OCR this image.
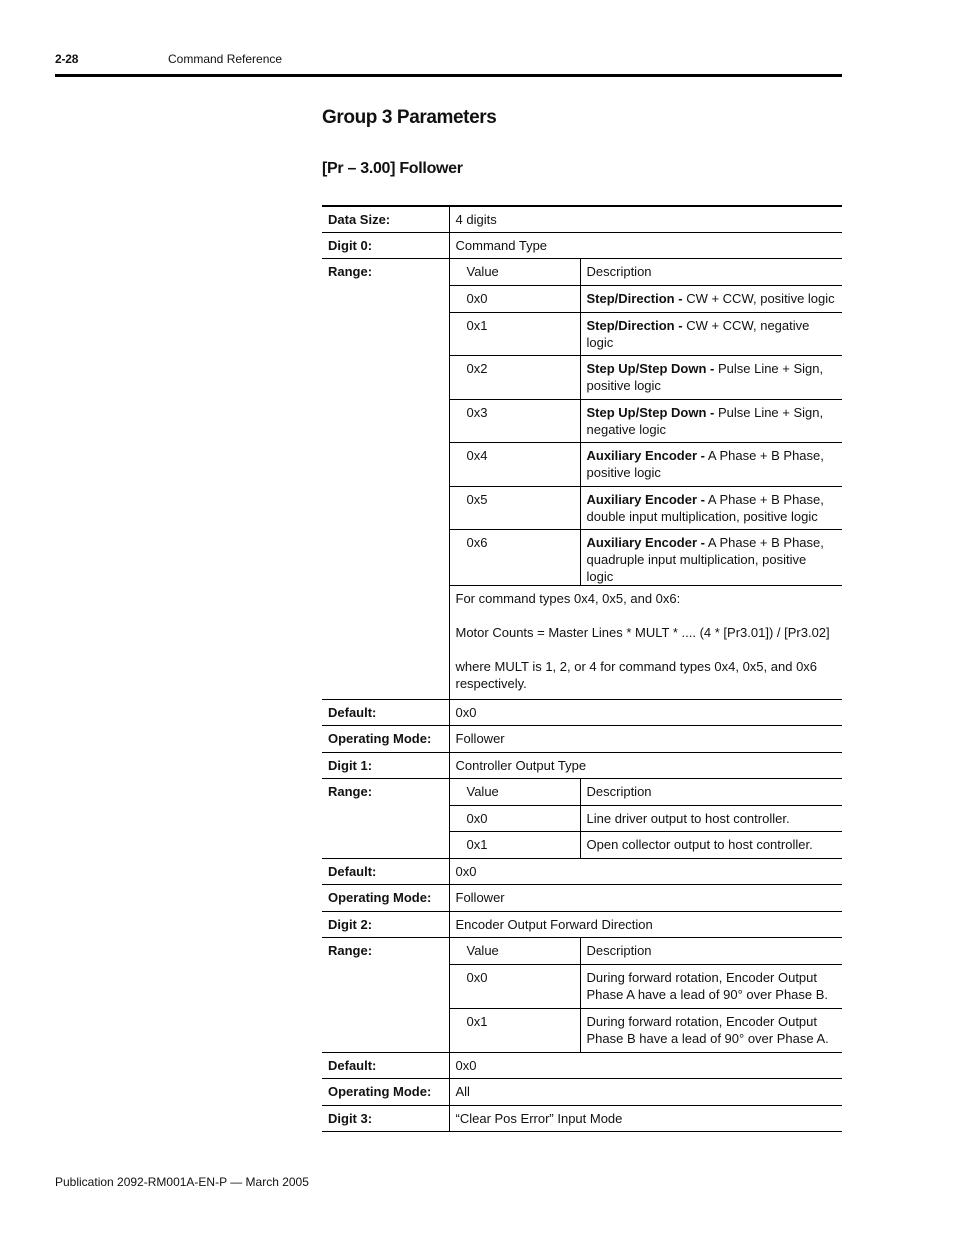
2-28	Command Reference
Group 3 Parameters
[Pr – 3.00] Follower
Data Size:	4 digits	
Digit 0:	Command Type	
Range:	Value	Description
	0x0	Step/Direction - CW + CCW, positive logic
	0x1	Step/Direction - CW + CCW, negative logic
	0x2	Step Up/Step Down - Pulse Line + Sign, positive logic
	0x3	Step Up/Step Down - Pulse Line + Sign, negative logic
	0x4	Auxiliary Encoder - A Phase + B Phase, positive logic
	0x5	Auxiliary Encoder - A Phase + B Phase, double input multiplication, positive logic
	0x6	Auxiliary Encoder - A Phase + B Phase, quadruple input multiplication, positive logic

	For command types 0x4, 0x5, and 0x6:
Motor Counts = Master Lines * MULT * .... (4 * [Pr3.01]) / [Pr3.02]
where MULT is 1, 2, or 4 for command types 0x4, 0x5, and 0x6 respectively.	

Default:	0x0	
Operating Mode:	Follower	
Digit 1:	Controller Output Type	
Range:	Value	Description
	0x0	Line driver output to host controller.
	0x1	Open collector output to host controller.
Default:	0x0	
Operating Mode:	Follower	
Digit 2:	Encoder Output Forward Direction	
Range:	Value	Description
	0x0	During forward rotation, Encoder Output Phase A have a lead of 90° over Phase B.
	0x1	During forward rotation, Encoder Output Phase B have a lead of 90° over Phase A.
Default:	0x0	
Operating Mode:	All	
Digit 3:	“Clear Pos Error” Input Mode	
Publication 2092-RM001A-EN-P — March 2005
